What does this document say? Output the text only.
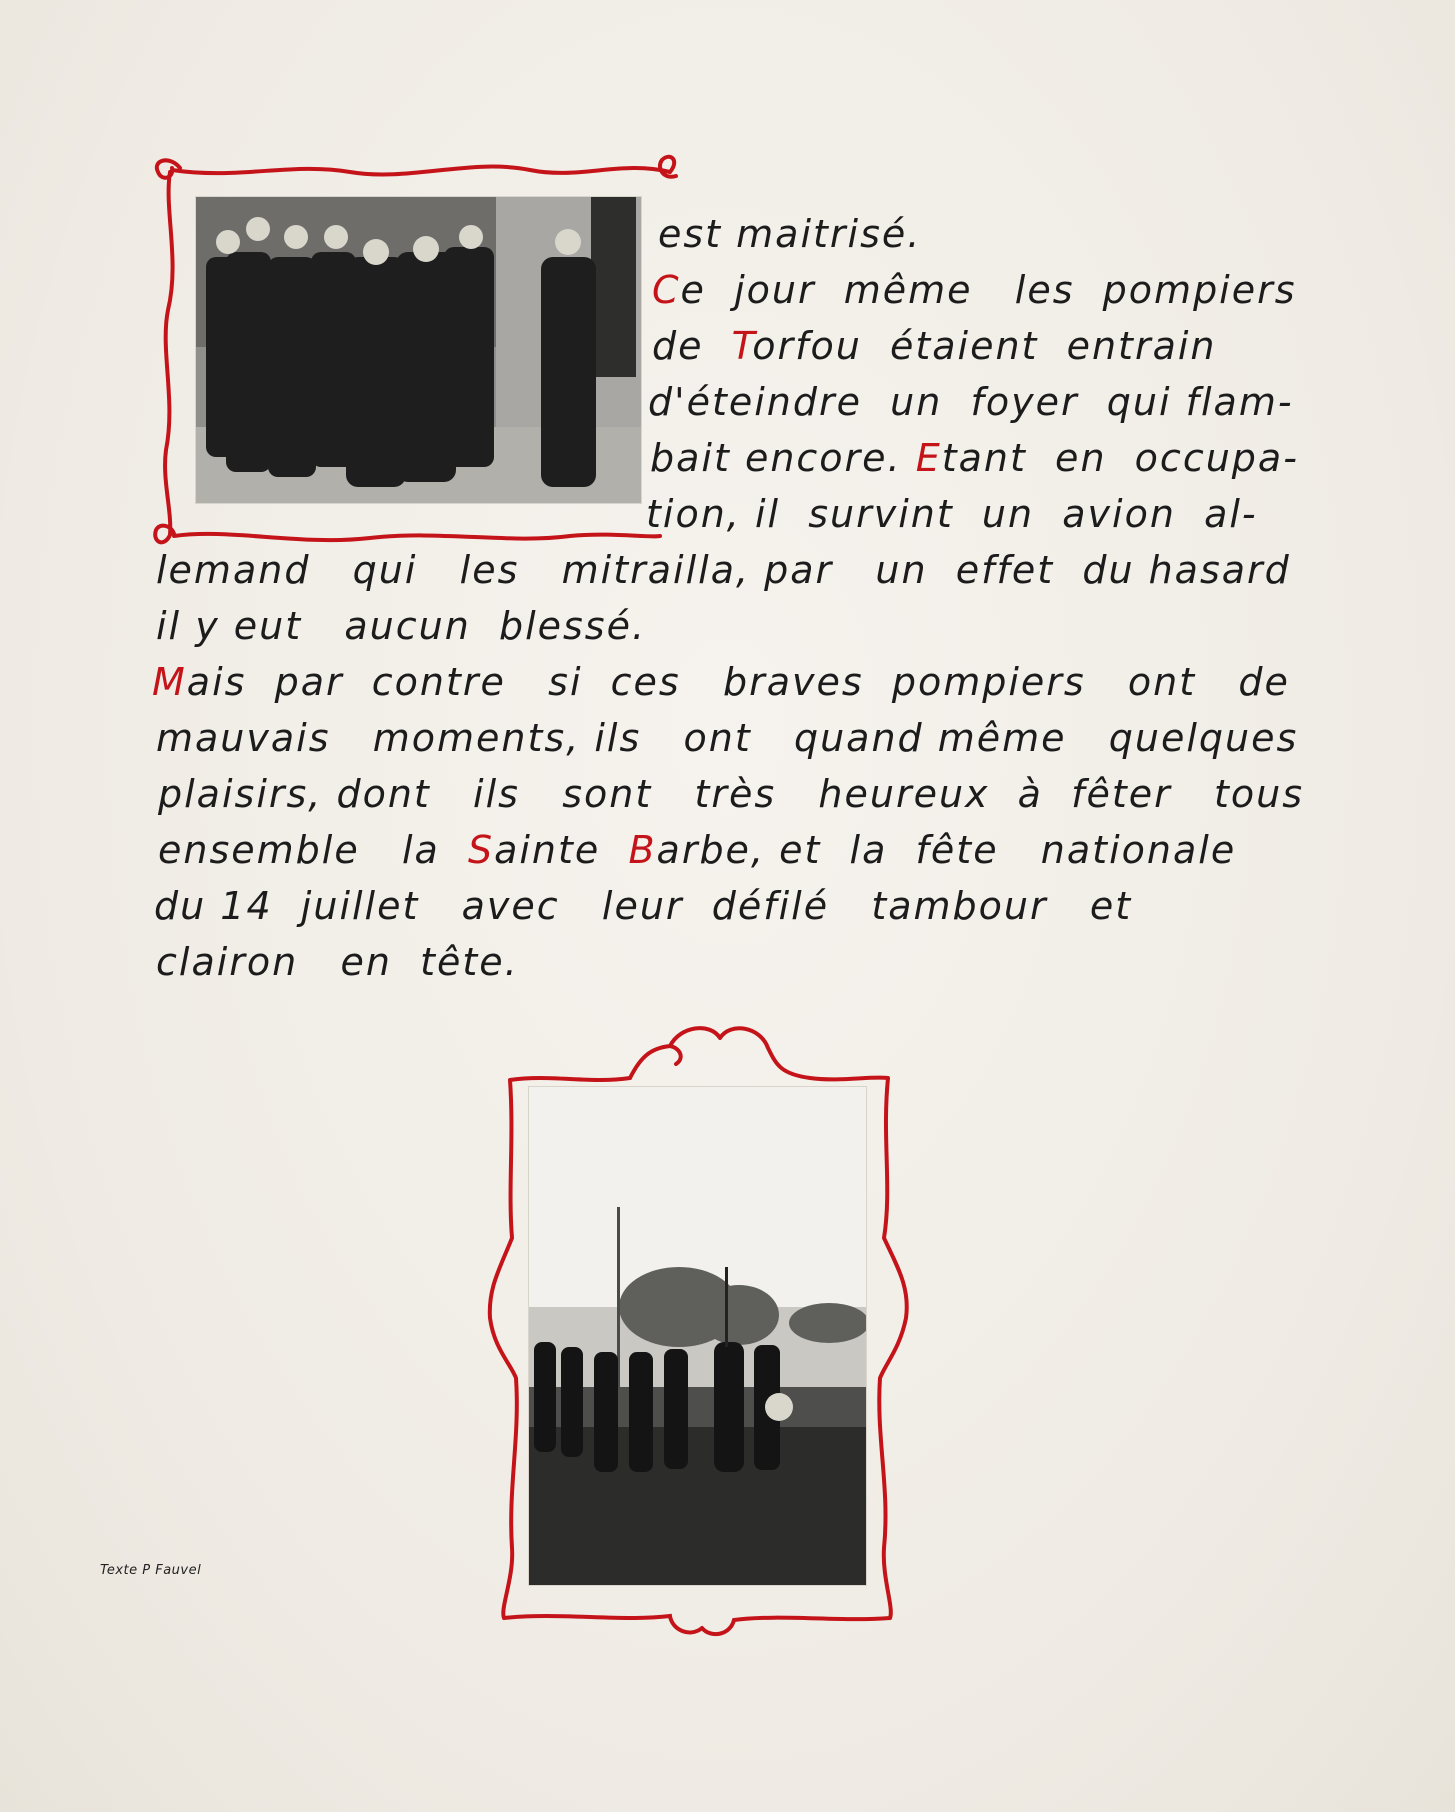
est maitrisé.
Ce  jour  même   les  pompiers
de  Torfou  étaient  entrain
d'éteindre  un  foyer  qui flam-
bait encore. Etant  en  occupa-
tion, il  survint  un  avion  al-
lemand   qui   les   mitrailla, par   un  effet  du hasard
il y eut   aucun  blessé.
Mais  par  contre   si  ces   braves  pompiers   ont   de
mauvais   moments, ils   ont   quand même   quelques
plaisirs, dont   ils   sont   très   heureux  à  fêter   tous
ensemble   la  Sainte  Barbe, et  la  fête   nationale
du 14  juillet   avec   leur  défilé   tambour   et
clairon   en  tête.
Texte P Fauvel
